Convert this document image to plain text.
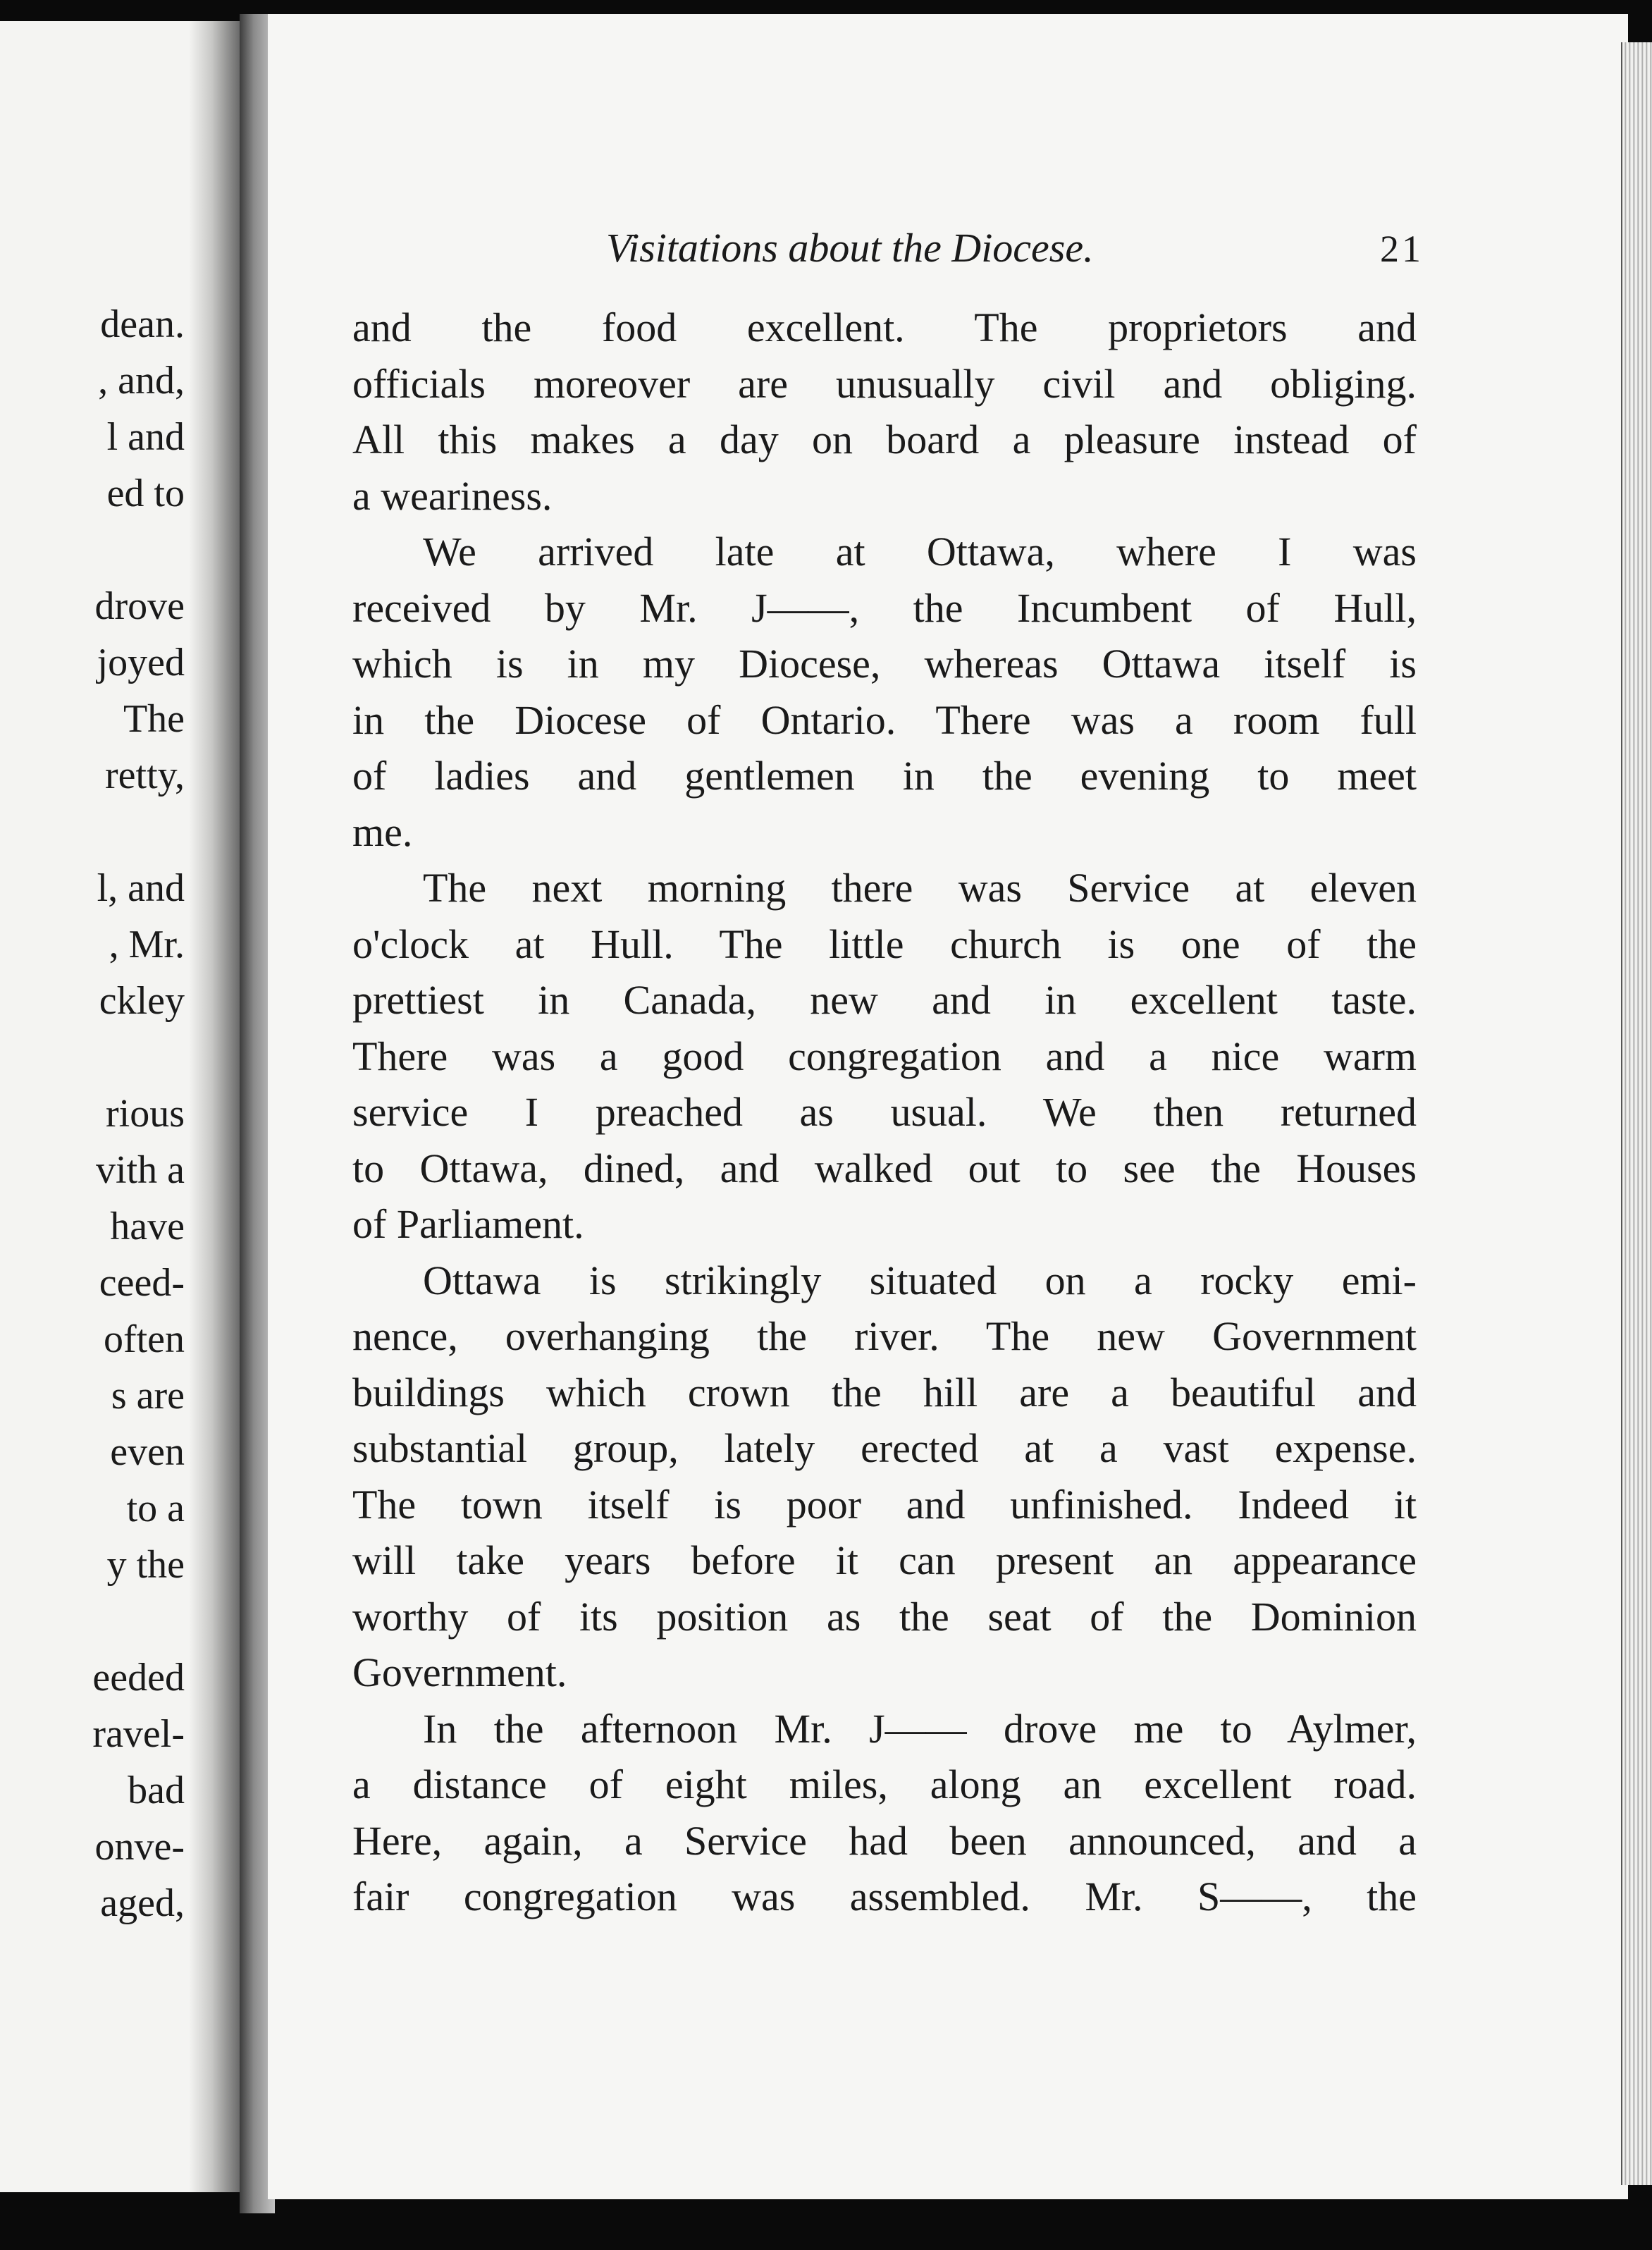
dean.
, and,
l and
ed to
drove
joyed
The
retty,
l, and
, Mr.
ckley
rious
vith a
have
ceed-
often
s are
even
to a
y the
eeded
ravel-
bad
onve-
aged,
Visitations about the Diocese.	21

and the food excellent. The proprietors and
officials moreover are unusually civil and obliging.
All this makes a day on board a pleasure instead of
a weariness.

We arrived late at Ottawa, where I was
received by Mr. J——, the Incumbent of Hull,
which is in my Diocese, whereas Ottawa itself is
in the Diocese of Ontario. There was a room full
of ladies and gentlemen in the evening to meet
me.

The next morning there was Service at eleven
o'clock at Hull. The little church is one of the
prettiest in Canada, new and in excellent taste.
There was a good congregation and a nice warm
service I preached as usual. We then returned
to Ottawa, dined, and walked out to see the Houses
of Parliament.

Ottawa is strikingly situated on a rocky emi-
nence, overhanging the river. The new Government
buildings which crown the hill are a beautiful and
substantial group, lately erected at a vast expense.
The town itself is poor and unfinished. Indeed it
will take years before it can present an appearance
worthy of its position as the seat of the Dominion
Government.

In the afternoon Mr. J—— drove me to Aylmer,
a distance of eight miles, along an excellent road.
Here, again, a Service had been announced, and a
fair congregation was assembled. Mr. S——, the
